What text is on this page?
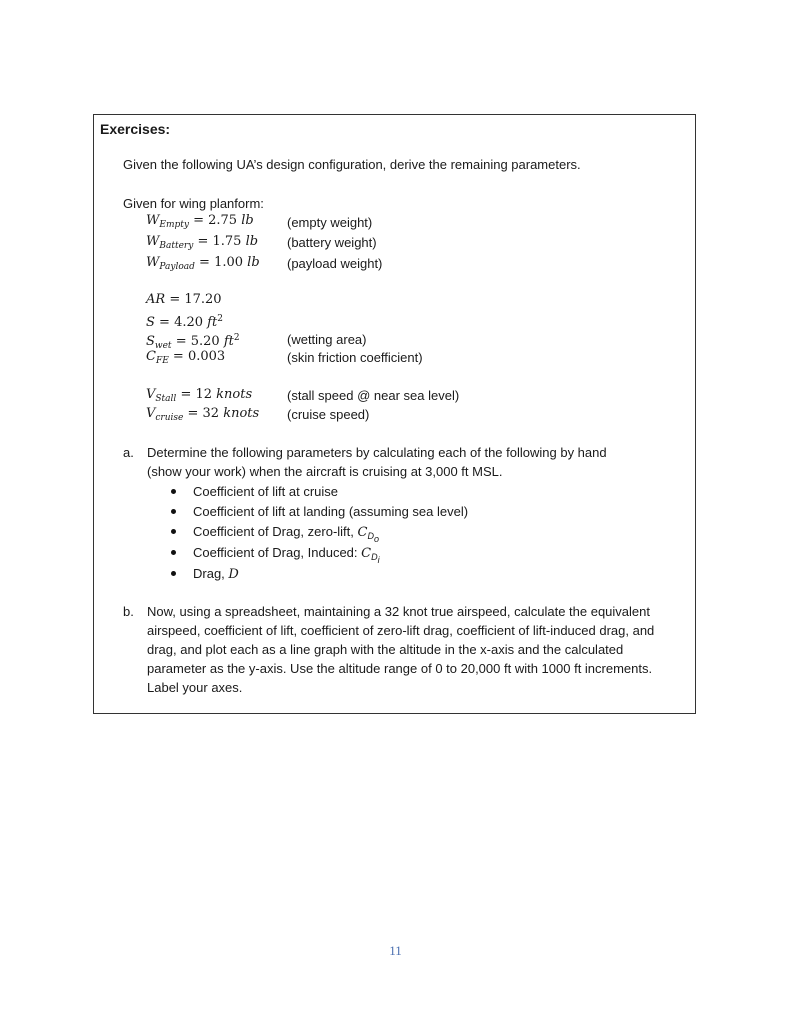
Exercises:
Given the following UA’s design configuration, derive the remaining parameters.
Given for wing planform:
$W_{Empty} = 2.75$ lb	(empty weight)
$W_{Battery} = 1.75$ lb (battery weight)
$W_{Payload} = 1.00$ lb (payload weight)
AR = 17.20
S = 4.20 $ft^2$
$S_{wet} = 5.20$ $ft^2$	(wetting area)
$C_{FE} = 0.003$	(skin friction coefficient)
$V_{Stall} = 12$ knots	(stall speed @ near sea level)
$V_{cruise} = 32$ knots (cruise speed)
a. Determine the following parameters by calculating each of the following by hand
(show your work) when the aircraft is cruising at 3,000 ft MSL.
Coefficient of lift at cruise
Coefficient of lift at landing (assuming sea level)
Coefficient of Drag, zero-lift, $C_{D_o}$
Coefficient of Drag, Induced: $C_{D_i}$
Drag, D
b. Now, using a spreadsheet, maintaining a 32 knot true airspeed, calculate the equivalent airspeed, coefficient of lift, coefficient of zero-lift drag, coefficient of lift-induced drag, and drag, and plot each as a line graph with the altitude in the x-axis and the calculated parameter as the y-axis. Use the altitude range of 0 to 20,000 ft with 1000 ft increments. Label your axes.
11
